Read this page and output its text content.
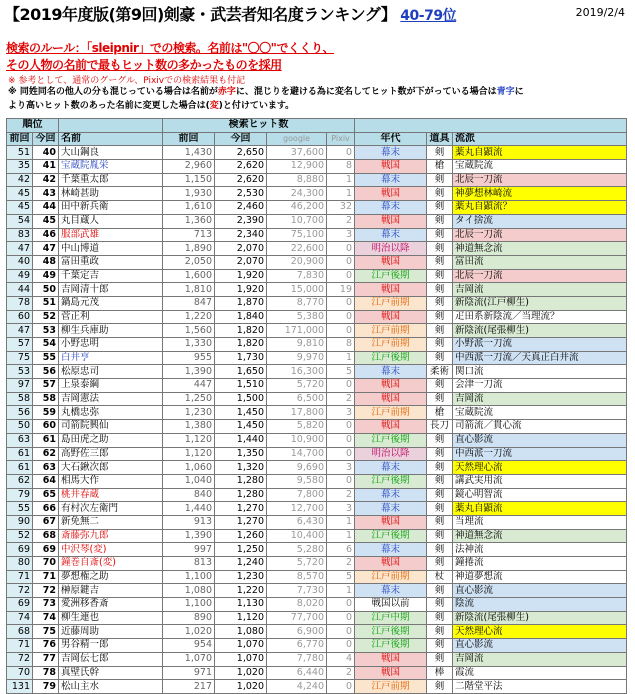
【2019年度版(第9回)剣豪・武芸者知名度ランキング】 40-79位	2019/2/4
検索のルール：「sleipnir」での検索。名前は"〇〇"でくくり、
その人物の名前で最もヒット数の多かったものを採用
※ 参考として、通常のグーグル、Pixivでの検索結果も付記
※ 同姓同名の他人の分も混じっている場合は名前が赤字に、混じりを避ける為に変名してヒット数が下がっている場合は青字に
より高いヒット数のあった名前に変更した場合は(変)と付けています。
順位			検索ヒット数						
前回	今回	名前	前回	今回	google	Pixiv	年代	道具	流派
51	40	大山鋼良	1,430	2,650	37,600	0	幕末	剣	薬丸自顕流
35	41	宝蔵院胤栄	2,960	2,620	12,900	8	戦国	槍	宝蔵院流
42	42	千葉重太郎	1,150	2,620	8,880	1	幕末	剣	北辰一刀流
45	43	林崎甚助	1,930	2,530	24,300	1	戦国	剣	神夢想林崎流
45	44	田中新兵衛	1,610	2,460	46,200	32	幕末	剣	薬丸自顕流？
54	45	丸目蔵人	1,360	2,390	10,700	2	戦国	剣	タイ捨流
83	46	服部武雄	713	2,340	75,100	3	幕末	剣	北辰一刀流
47	47	中山博道	1,890	2,070	22,600	0	明治以降	剣	神道無念流
40	48	富田重政	2,050	2,070	20,900	0	戦国	剣	富田流
49	49	千葉定吉	1,600	1,920	7,830	0	江戸後期	剣	北辰一刀流
44	50	吉岡清十郎	1,810	1,920	15,000	19	戦国	剣	吉岡流
78	51	鍋島元茂	847	1,870	8,770	0	江戸前期	剣	新陰流(江戸柳生)
60	52	菅正利	1,220	1,840	5,380	0	戦国	剣	疋田系新陰流／当理流？
47	53	柳生兵庫助	1,560	1,820	171,000	0	江戸前期	剣	新陰流(尾張柳生)
57	54	小野忠明	1,330	1,820	9,810	8	江戸前期	剣	小野派一刀流
75	55	白井亨	955	1,730	9,970	1	江戸後期	剣	中西派一刀流／天真正白井流
53	56	松原忠司	1,390	1,650	16,300	5	幕末	柔術	関口流
97	57	上泉泰綱	447	1,510	5,720	0	戦国	剣	会津一刀流
58	58	吉岡憲法	1,250	1,500	6,500	2	戦国	剣	吉岡流
56	59	丸橋忠弥	1,230	1,450	17,800	3	江戸前期	槍	宝蔵院流
50	60	司箭院興仙	1,380	1,450	5,820	0	戦国	長刀	司箭流／貫心流
63	61	島田虎之助	1,120	1,440	10,900	0	江戸後期	剣	直心影流
61	62	高野佐三郎	1,120	1,350	14,700	0	明治以降	剣	中西派一刀流
61	63	大石鍬次郎	1,060	1,320	9,690	3	幕末	剣	天然理心流
62	64	相馬大作	1,040	1,280	9,580	0	江戸後期	剣	講武実用流
79	65	桃井春蔵	840	1,280	7,800	2	幕末	剣	鏡心明智流
55	66	有村次左衛門	1,440	1,270	12,700	3	幕末	剣	薬丸自顕流
90	67	新免無二	913	1,270	6,430	1	戦国	剣	当理流
52	68	斎藤弥九郎	1,390	1,260	10,400	1	江戸後期	剣	神道無念流
69	69	中沢琴(変)	997	1,250	5,280	6	幕末	剣	法神流
80	70	鐘巻自斎(変)	813	1,240	5,720	2	戦国	剣	鐘捲流
71	71	夢想権之助	1,100	1,230	8,570	5	江戸前期	杖	神道夢想流
72	72	榊原鍵吉	1,080	1,220	7,730	1	幕末	剣	直心影流
69	73	愛洲移香斎	1,100	1,130	8,020	0	戦国以前	剣	陰流
74	74	柳生連也	890	1,120	77,700	0	江戸中期	剣	新陰流(尾張柳生)
68	75	近藤周助	1,020	1,080	6,900	0	江戸後期	剣	天然理心流
71	76	男谷精一郎	954	1,070	6,770	0	江戸後期	剣	直心影流
72	77	吉岡伝七郎	1,070	1,070	7,780	4	戦国	剣	吉岡流
70	78	真壁氏幹	971	1,020	6,440	2	戦国	棒	霞流
131	79	松山主水	217	1,020	4,240	0	江戸前期	剣	二階堂平法
